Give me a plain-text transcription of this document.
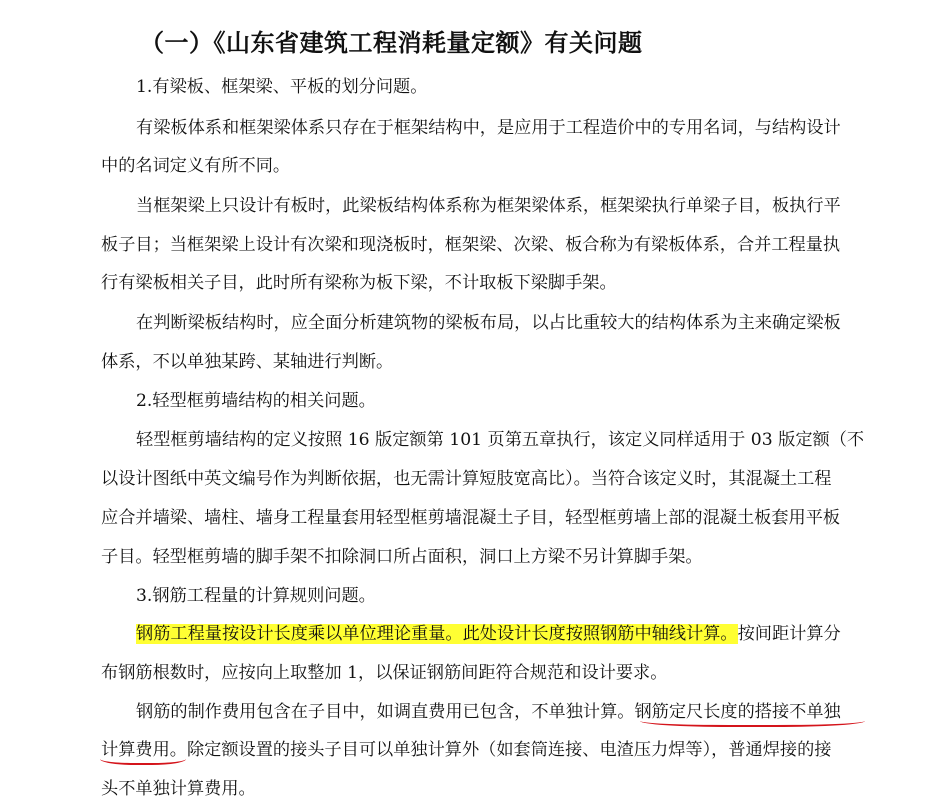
（一）《山东省建筑工程消耗量定额》有关问题
1.有梁板、框架梁、平板的划分问题。
有梁板体系和框架梁体系只存在于框架结构中，是应用于工程造价中的专用名词，与结构设计
中的名词定义有所不同。
当框架梁上只设计有板时，此梁板结构体系称为框架梁体系，框架梁执行单梁子目，板执行平
板子目；当框架梁上设计有次梁和现浇板时，框架梁、次梁、板合称为有梁板体系，合并工程量执
行有梁板相关子目，此时所有梁称为板下梁，不计取板下梁脚手架。
在判断梁板结构时，应全面分析建筑物的梁板布局，以占比重较大的结构体系为主来确定梁板
体系，不以单独某跨、某轴进行判断。
2.轻型框剪墙结构的相关问题。
轻型框剪墙结构的定义按照 16 版定额第 101 页第五章执行，该定义同样适用于 03 版定额（不
以设计图纸中英文编号作为判断依据，也无需计算短肢宽高比）。当符合该定义时，其混凝土工程
应合并墙梁、墙柱、墙身工程量套用轻型框剪墙混凝土子目，轻型框剪墙上部的混凝土板套用平板
子目。轻型框剪墙的脚手架不扣除洞口所占面积，洞口上方梁不另计算脚手架。
3.钢筋工程量的计算规则问题。
钢筋工程量按设计长度乘以单位理论重量。此处设计长度按照钢筋中轴线计算。按间距计算分
布钢筋根数时，应按向上取整加 1，以保证钢筋间距符合规范和设计要求。
钢筋的制作费用包含在子目中，如调直费用已包含，不单独计算。钢筋定尺长度的搭接不单独
计算费用。除定额设置的接头子目可以单独计算外（如套筒连接、电渣压力焊等），普通焊接的接
头不单独计算费用。
